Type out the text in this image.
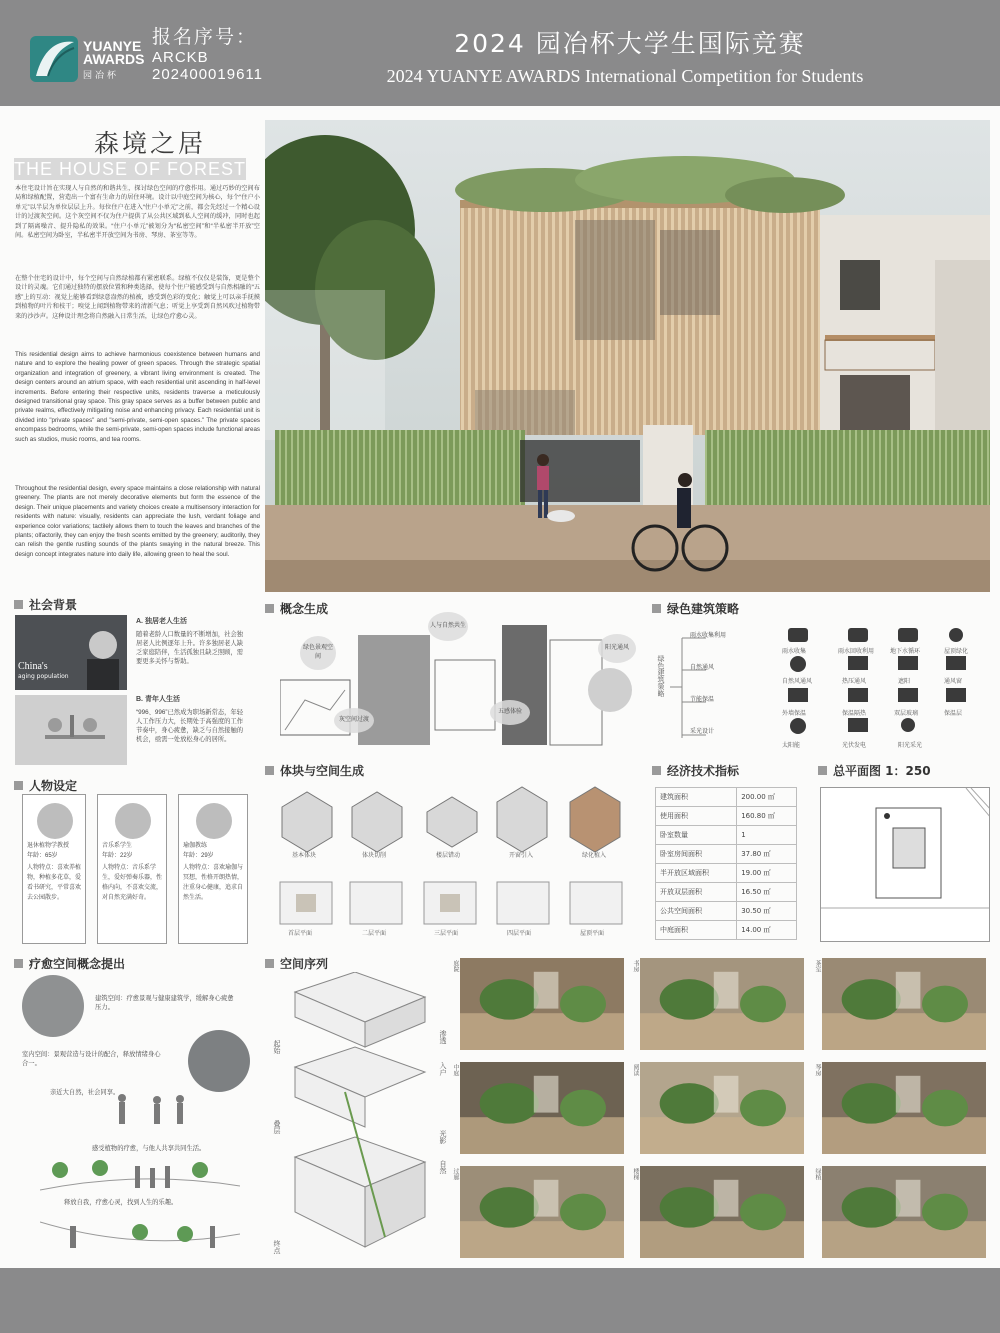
YUANYE
AWARDS
园冶杯
报名序号：
ARCKB
202400019611
2024 园冶杯大学生国际竞赛
2024 YUANYE AWARDS International Competition for Students
森境之居
THE HOUSE OF FOREST
本住宅设计旨在实现人与自然的和谐共生，探讨绿色空间的疗愈作用。通过巧妙的空间布局和绿植配置，营造出一个富有生命力的居住环境。设计以中庭空间为核心，每个“住户小单元”以半层为单位层层上升。每位住户在进入“住户小单元”之前，都会先经过一个精心设计的过渡灰空间。这个灰空间不仅为住户提供了从公共区域到私人空间的缓冲，同时也起到了隔离噪音、提升隐私的效果。“住户小单元”被划分为“私密空间”和“半私密半开放”空间。私密空间为卧室，半私密半开放空间为书房、琴房、茶室等等。
在整个住宅的设计中，每个空间与自然绿植都有紧密联系。绿植不仅仅是装饰，更是整个设计的灵魂。它们通过独特的摆放位置和种类选择，使每个住户能感受到与自然相融的“五感”上的互动：视觉上能够看到绿意盎然的植被，感受到色彩的变化；触觉上可以亲手抚摸到植物的叶片和枝干；嗅觉上闻到植物带来的清新气息；听觉上享受到自然风吹过植物带来的沙沙声。这种设计理念将自然融入日常生活，让绿色疗愈心灵。
This residential design aims to achieve harmonious coexistence between humans and nature and to explore the healing power of green spaces. Through the strategic spatial organization and integration of greenery, a vibrant living environment is created. The design centers around an atrium space, with each residential unit ascending in half-level increments. Before entering their respective units, residents traverse a meticulously designed transitional gray space. This gray space serves as a buffer between public and private realms, effectively mitigating noise and enhancing privacy. Each residential unit is divided into "private spaces" and "semi-private, semi-open spaces." The private spaces encompass bedrooms, while the semi-private, semi-open spaces include functional areas such as studios, music rooms, and tea rooms.
Throughout the residential design, every space maintains a close relationship with natural greenery. The plants are not merely decorative elements but form the essence of the design. Their unique placements and variety choices create a multisensory interaction for residents with nature: visually, residents can appreciate the lush, verdant foliage and experience color variations; tactilely allows them to touch the leaves and branches of the plants; olfactorily, they can enjoy the fresh scents emitted by the greenery; auditorily, they can relish the gentle rustling sounds of the plants swaying in the natural breeze. This design concept integrates nature into daily life, allowing green to heal the soul.
社会背景
China's
aging population
A. 独居老人生活
随着老龄人口数量的不断增加，社会独居老人比例逐年上升。许多独居老人缺乏家庭陪伴，生活孤独且缺乏照顾，需要更多关怀与帮助。
B. 青年人生活
“996、996”已然成为职场新常态，年轻人工作压力大，长期处于高强度的工作节奏中，身心疲惫，缺乏与自然接触的机会，亟需一处放松身心的居所。
人物设定
退休植物学教授
年龄：65岁
人物特点：喜欢养植物，种植多花草，爱看书研究，平常喜欢去公园散步。
音乐系学生
年龄：22岁
人物特点：音乐系学生，爱好弹奏乐器，性格内向，不喜欢交流，对自然充满好奇。
瑜伽教练
年龄：29岁
人物特点：喜欢瑜伽与冥想，性格开朗热情，注重身心健康，追求自然生活。
疗愈空间概念提出
建筑空间：疗愈景观与健康建筑学，缓解身心疲惫压力。
室内空间：景观营造与设计的配合，释放情绪身心合一。
亲近大自然，社会同享。
感受植物的疗愈，与他人共享共同生活。
释放自我，疗愈心灵，找到人生的乐趣。
概念生成
绿色景观空间
人与自然共生
阳光通风
灰空间过渡
五感体验
绿色建筑策略
绿色建筑策略
雨水收集利用
自然通风
节能保温
采光设计
雨水收集	雨水回收利用	地下水循环	屋顶绿化
自然风通风	热压通风	遮阳	通风窗
外墙保温	保温隔热	双层玻璃	保温层
太阳能	光伏发电	阳光采光
体块与空间生成
基本体块	体块切削	楼层错动	开窗引入	绿化植入
首层平面	二层平面	三层平面	四层平面	屋顶平面
经济技术指标
建筑面积	200.00 ㎡
使用面积	160.80 ㎡
卧室数量	1
卧室房间面积	37.80 ㎡
半开放区域面积	19.00 ㎡
开放双层面积	16.50 ㎡
公共空间面积	30.50 ㎡
中庭面积	14.00 ㎡
总平面图 1：250
空间序列
起始
叠层
渗透
入户
光影
自然
终点
庭院	书房	茶室
中庭	阅读	琴房
过廊	楼梯	绿植
